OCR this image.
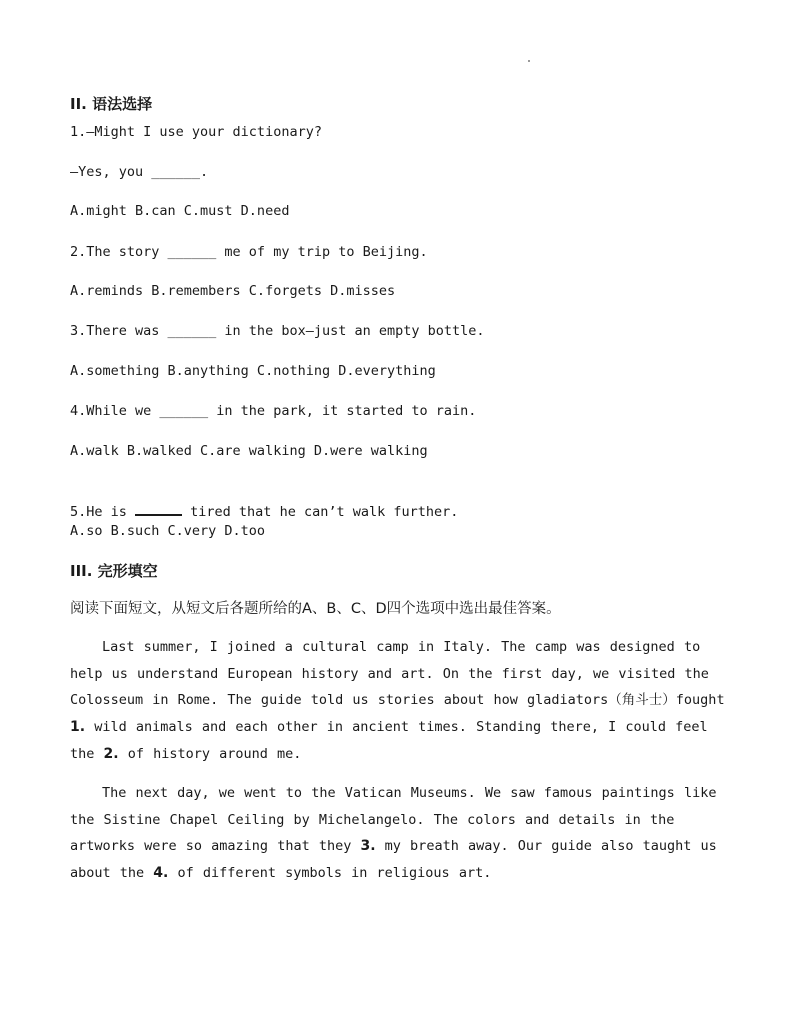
II. 语法选择
1.—Might I use your dictionary?
—Yes, you ______.
A.might B.can C.must D.need
2.The story ______ me of my trip to Beijing.
A.reminds B.remembers C.forgets D.misses
3.There was ______ in the box—just an empty bottle.
A.something B.anything C.nothing D.everything
4.While we ______ in the park, it started to rain.
A.walk B.walked C.are walking D.were walking

5.He is	tired that he can’t walk further.

A.so B.such C.very D.too
III. 完形填空
阅读下面短文，从短文后各题所给的A、B、C、D四个选项中选出最佳答案。
Last summer, I joined a cultural camp in Italy. The camp was designed to help us understand European history and art. On the first day, we visited the Colosseum in Rome. The guide told us stories about how gladiators（角斗士）fought 1. wild animals and each other in ancient times. Standing there, I could feel the 2. of history around me.
The next day, we went to the Vatican Museums. We saw famous paintings like the Sistine Chapel Ceiling by Michelangelo. The colors and details in the artworks were so amazing that they 3. my breath away. Our guide also taught us about the 4. of different symbols in religious art.
